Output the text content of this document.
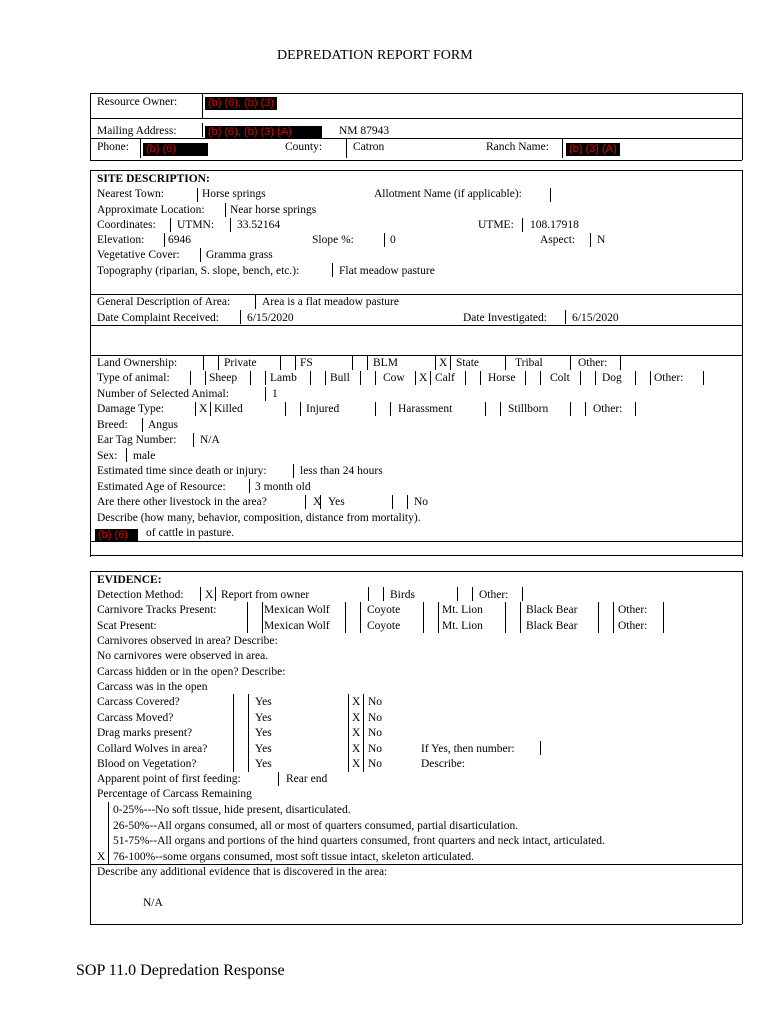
DEPREDATION REPORT FORM
Resource Owner:	(b) (6), (b) (3)
Mailing Address:	(b) (6), (b) (3) (A)	NM 87943
Phone: (b) (6)	County:	Catron	Ranch Name: (b) (3) (A)
SITE DESCRIPTION:
Nearest Town:	Horse springs	Allotment Name (if applicable):
Approximate Location: Near horse springs
Coordinates: UTMN: 33.52164	UTME: 108.17918
Elevation: 6946	Slope %:	0	Aspect: N
Vegetative Cover: Gramma grass
Topography (riparian, S. slope, bench, etc.):	Flat meadow pasture
General Description of Area:	Area is a flat meadow pasture
Date Complaint Received: 6/15/2020	Date Investigated: 6/15/2020
Land Ownership:	Private	FS	BLM	X State	Tribal	Other:
Type of animal:	Sheep	Lamb	Bull	Cow X Calf	Horse	Colt	Dog	Other:
Number of Selected Animal:	1
Damage Type:	X Killed	Injured	Harassment	Stillborn	Other:
Breed: Angus
Ear Tag Number: N/A
Sex: male
Estimated time since death or injury:	less than 24 hours
Estimated Age of Resource:	3 month old
Are there other livestock in the area?	X Yes	No
Describe (how many, behavior, composition, distance from mortality).
(b) (6)	of cattle in pasture.
EVIDENCE:
Detection Method: X Report from owner	Birds	Other:
Carnivore Tracks Present:	Mexican Wolf	Coyote	Mt. Lion	Black Bear	Other:
Scat Present:	Mexican Wolf	Coyote	Mt. Lion	Black Bear	Other:
Carnivores observed in area? Describe:
No carnivores were observed in area.
Carcass hidden or in the open? Describe:
Carcass was in the open
Carcass Covered?	Yes	X No
Carcass Moved?	Yes	X No
Drag marks present?	Yes	X No
Collard Wolves in area?	Yes	X No	If Yes, then number:
Blood on Vegetation?	Yes	X No	Describe:
Apparent point of first feeding:	Rear end
Percentage of Carcass Remaining
0-25%---No soft tissue, hide present, disarticulated.
26-50%--All organs consumed, all or most of quarters consumed, partial disarticulation.
51-75%--All organs and portions of the hind quarters consumed, front quarters and neck intact, articulated.
X 76-100%--some organs consumed, most soft tissue intact, skeleton articulated.
Describe any additional evidence that is discovered in the area:
N/A
SOP 11.0 Depredation Response
